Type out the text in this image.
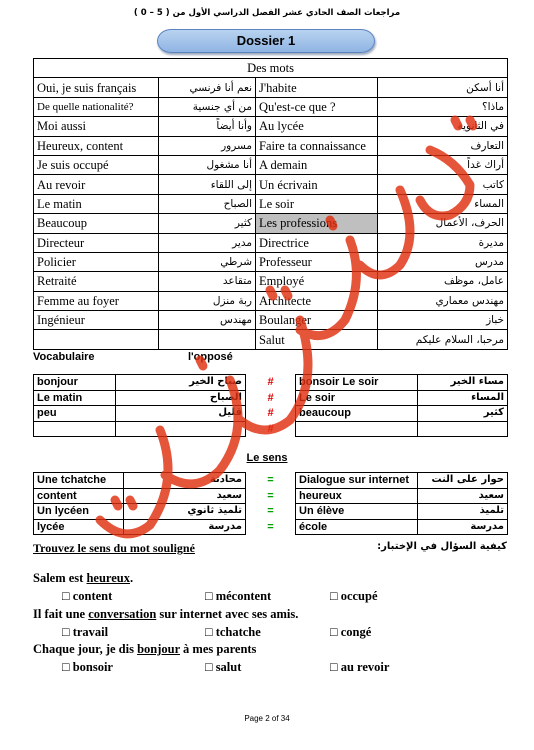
مراجعات الصف الحادي عشر الفصل الدراسي الأول من ( 5 – 0 )
Dossier 1
Des mots			
Oui, je suis français	نعم أنا فرنسي	J'habite	أنا أسكن
De quelle nationalité?	من أي جنسية	Qu'est-ce que ?	ماذا؟
Moi aussi	وأنا أيضاً	Au lycée	في الثانوية
Heureux, content	مسرور	Faire ta connaissance	التعارف
Je suis occupé	أنا مشغول	A demain	أراك غداً
Au revoir	إلى اللقاء	Un écrivain	كاتب
Le matin	الصباح	Le soir	المساء
Beaucoup	كثير	Les professions	الحرف، الأعمال
Directeur	مدير	Directrice	مديرة
Policier	شرطي	Professeur	مدرس
Retraité	متقاعد	Employé	عامل، موظف
Femme au foyer	ربة منزل	Architecte	مهندس معماري
Ingénieur	مهندس	Boulanger	خباز
		Salut	مرحبا، السلام عليكم
Vocabulaire	l'opposé
bonjour	صباح الخير	#	bonsoir Le soir	مساء الخير
Le matin	الصباح	#	Le soir	المساء
peu	قليل	#	beaucoup	كثير
		#		
Le sens
Une tchatche	محادثة	=	Dialogue sur internet	حوار على النت
content	سعيد	=	heureux	سعيد
Un lycéen	تلميذ ثانوي	=	Un élève	تلميذ
lycée	مدرسة	=	école	مدرسة
Trouvez le sens du mot souligné	كيفية السؤال في الإختبار:
Salem est heureux.
□ content	□ mécontent	□ occupé
Il fait une conversation sur internet avec ses amis.
□ travail	□ tchatche	□ congé
Chaque jour, je dis bonjour à mes parents
□ bonsoir	□ salut	□ au revoir
Page 2 of 34
